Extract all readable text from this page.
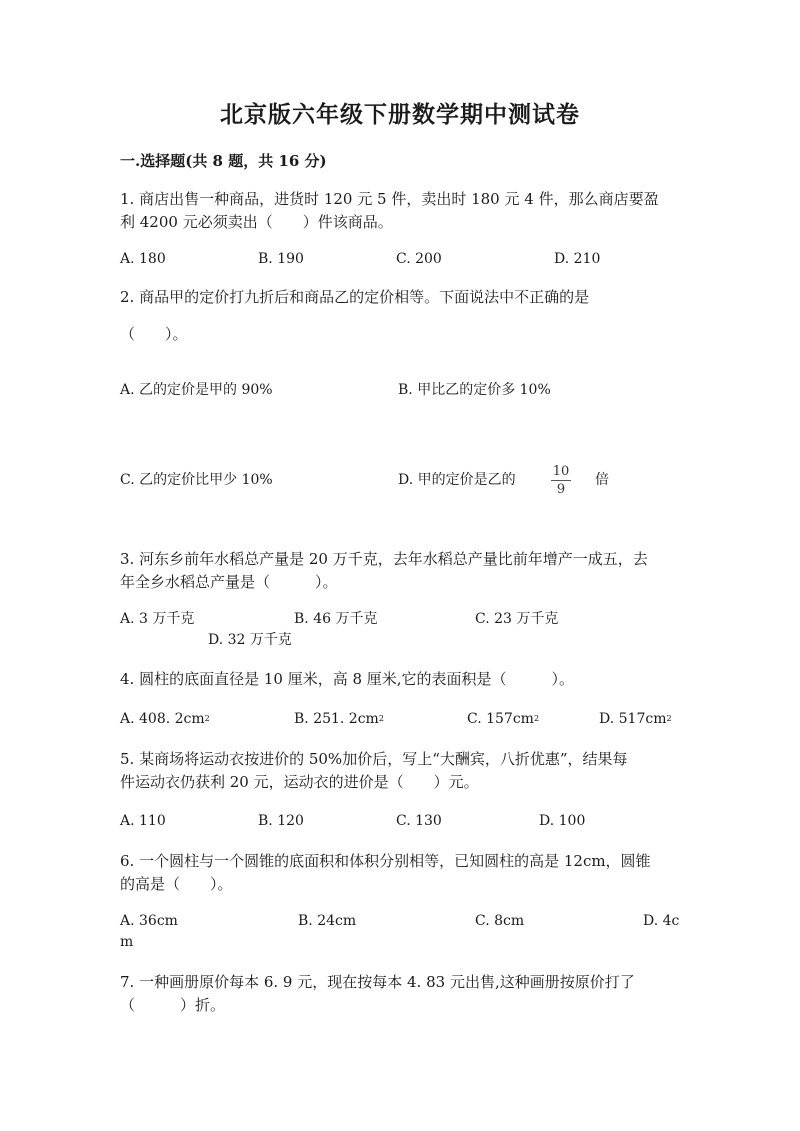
北京版六年级下册数学期中测试卷
一.选择题(共 8 题，共 16 分)
1. 商店出售一种商品，进货时 120 元 5 件，卖出时 180 元 4 件，那么商店要盈
利 4200 元必须卖出（　　）件该商品。
A. 180	B. 190	C. 200	D. 210
2. 商品甲的定价打九折后和商品乙的定价相等。下面说法中不正确的是
（　　）。
A. 乙的定价是甲的 90%	B. 甲比乙的定价多 10%
C. 乙的定价比甲少 10%	D. 甲的定价是乙的
10
9
倍
3. 河东乡前年水稻总产量是 20 万千克，去年水稻总产量比前年增产一成五，去
年全乡水稻总产量是（　　　）。
A. 3 万千克	B. 46 万千克	C. 23 万千克
D. 32 万千克
4. 圆柱的底面直径是 10 厘米，高 8 厘米,它的表面积是（　　　）。
A. 408. $2cm^2$	B. 251. $2cm^2$	C. $157cm^2$	D. $517cm^2$
5. 某商场将运动衣按进价的 50%加价后，写上“大酬宾，八折优惠”，结果每
件运动衣仍获利 20 元，运动衣的进价是（　　）元。
A. 110	B. 120	C. 130	D. 100
6. 一个圆柱与一个圆锥的底面积和体积分别相等，已知圆柱的高是 12cm，圆锥
的高是（　　）。
A. 36cm	B. 24cm	C. 8cm	D. 4c
m
7. 一种画册原价每本 6. 9 元，现在按每本 4. 83 元出售,这种画册按原价打了
（　　　）折。
